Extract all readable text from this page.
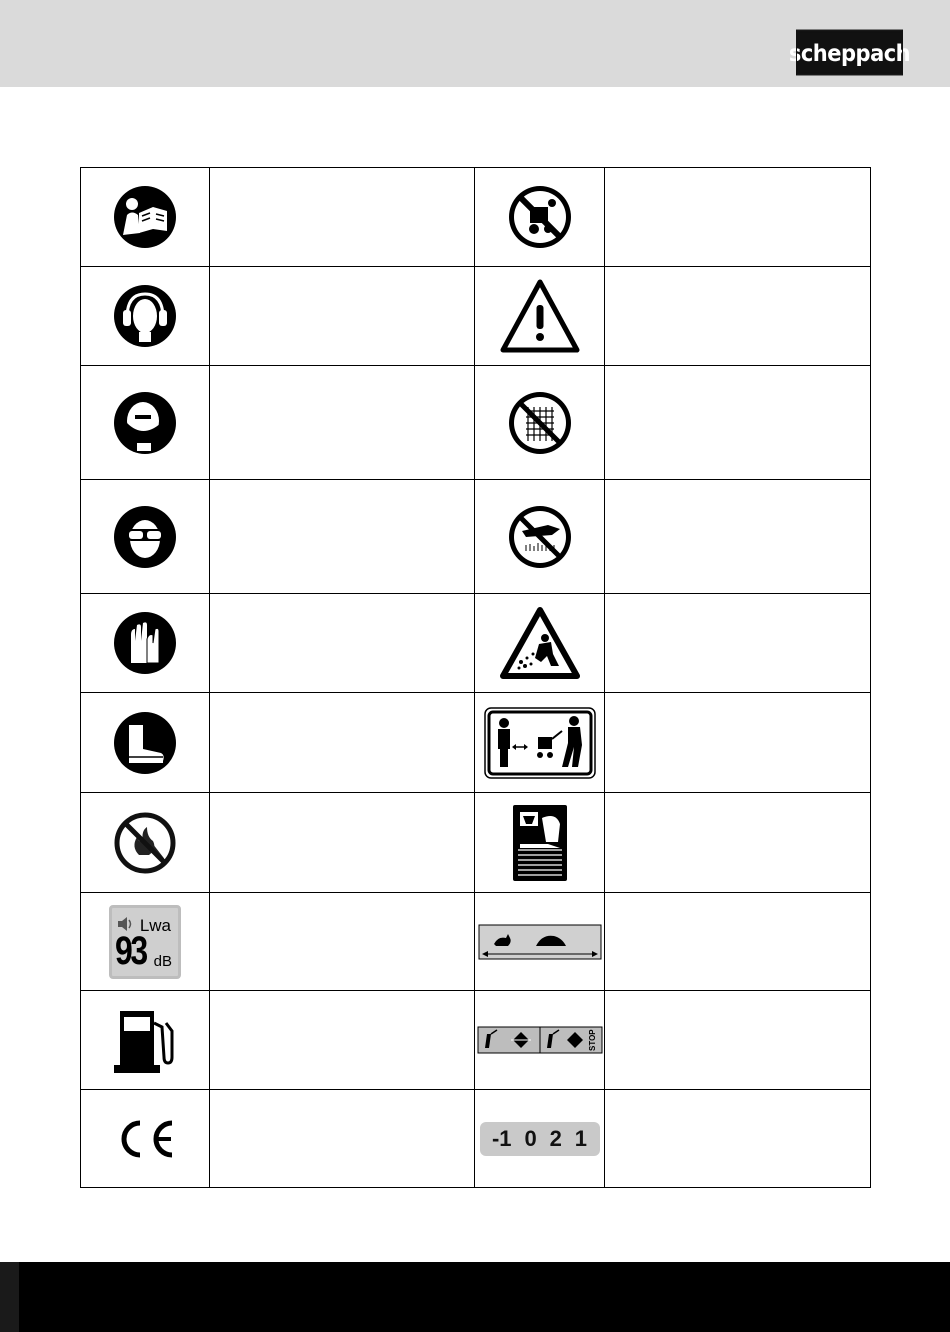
scheppach

Lwa
93 dB

STOP	

-1 0 2 1	
